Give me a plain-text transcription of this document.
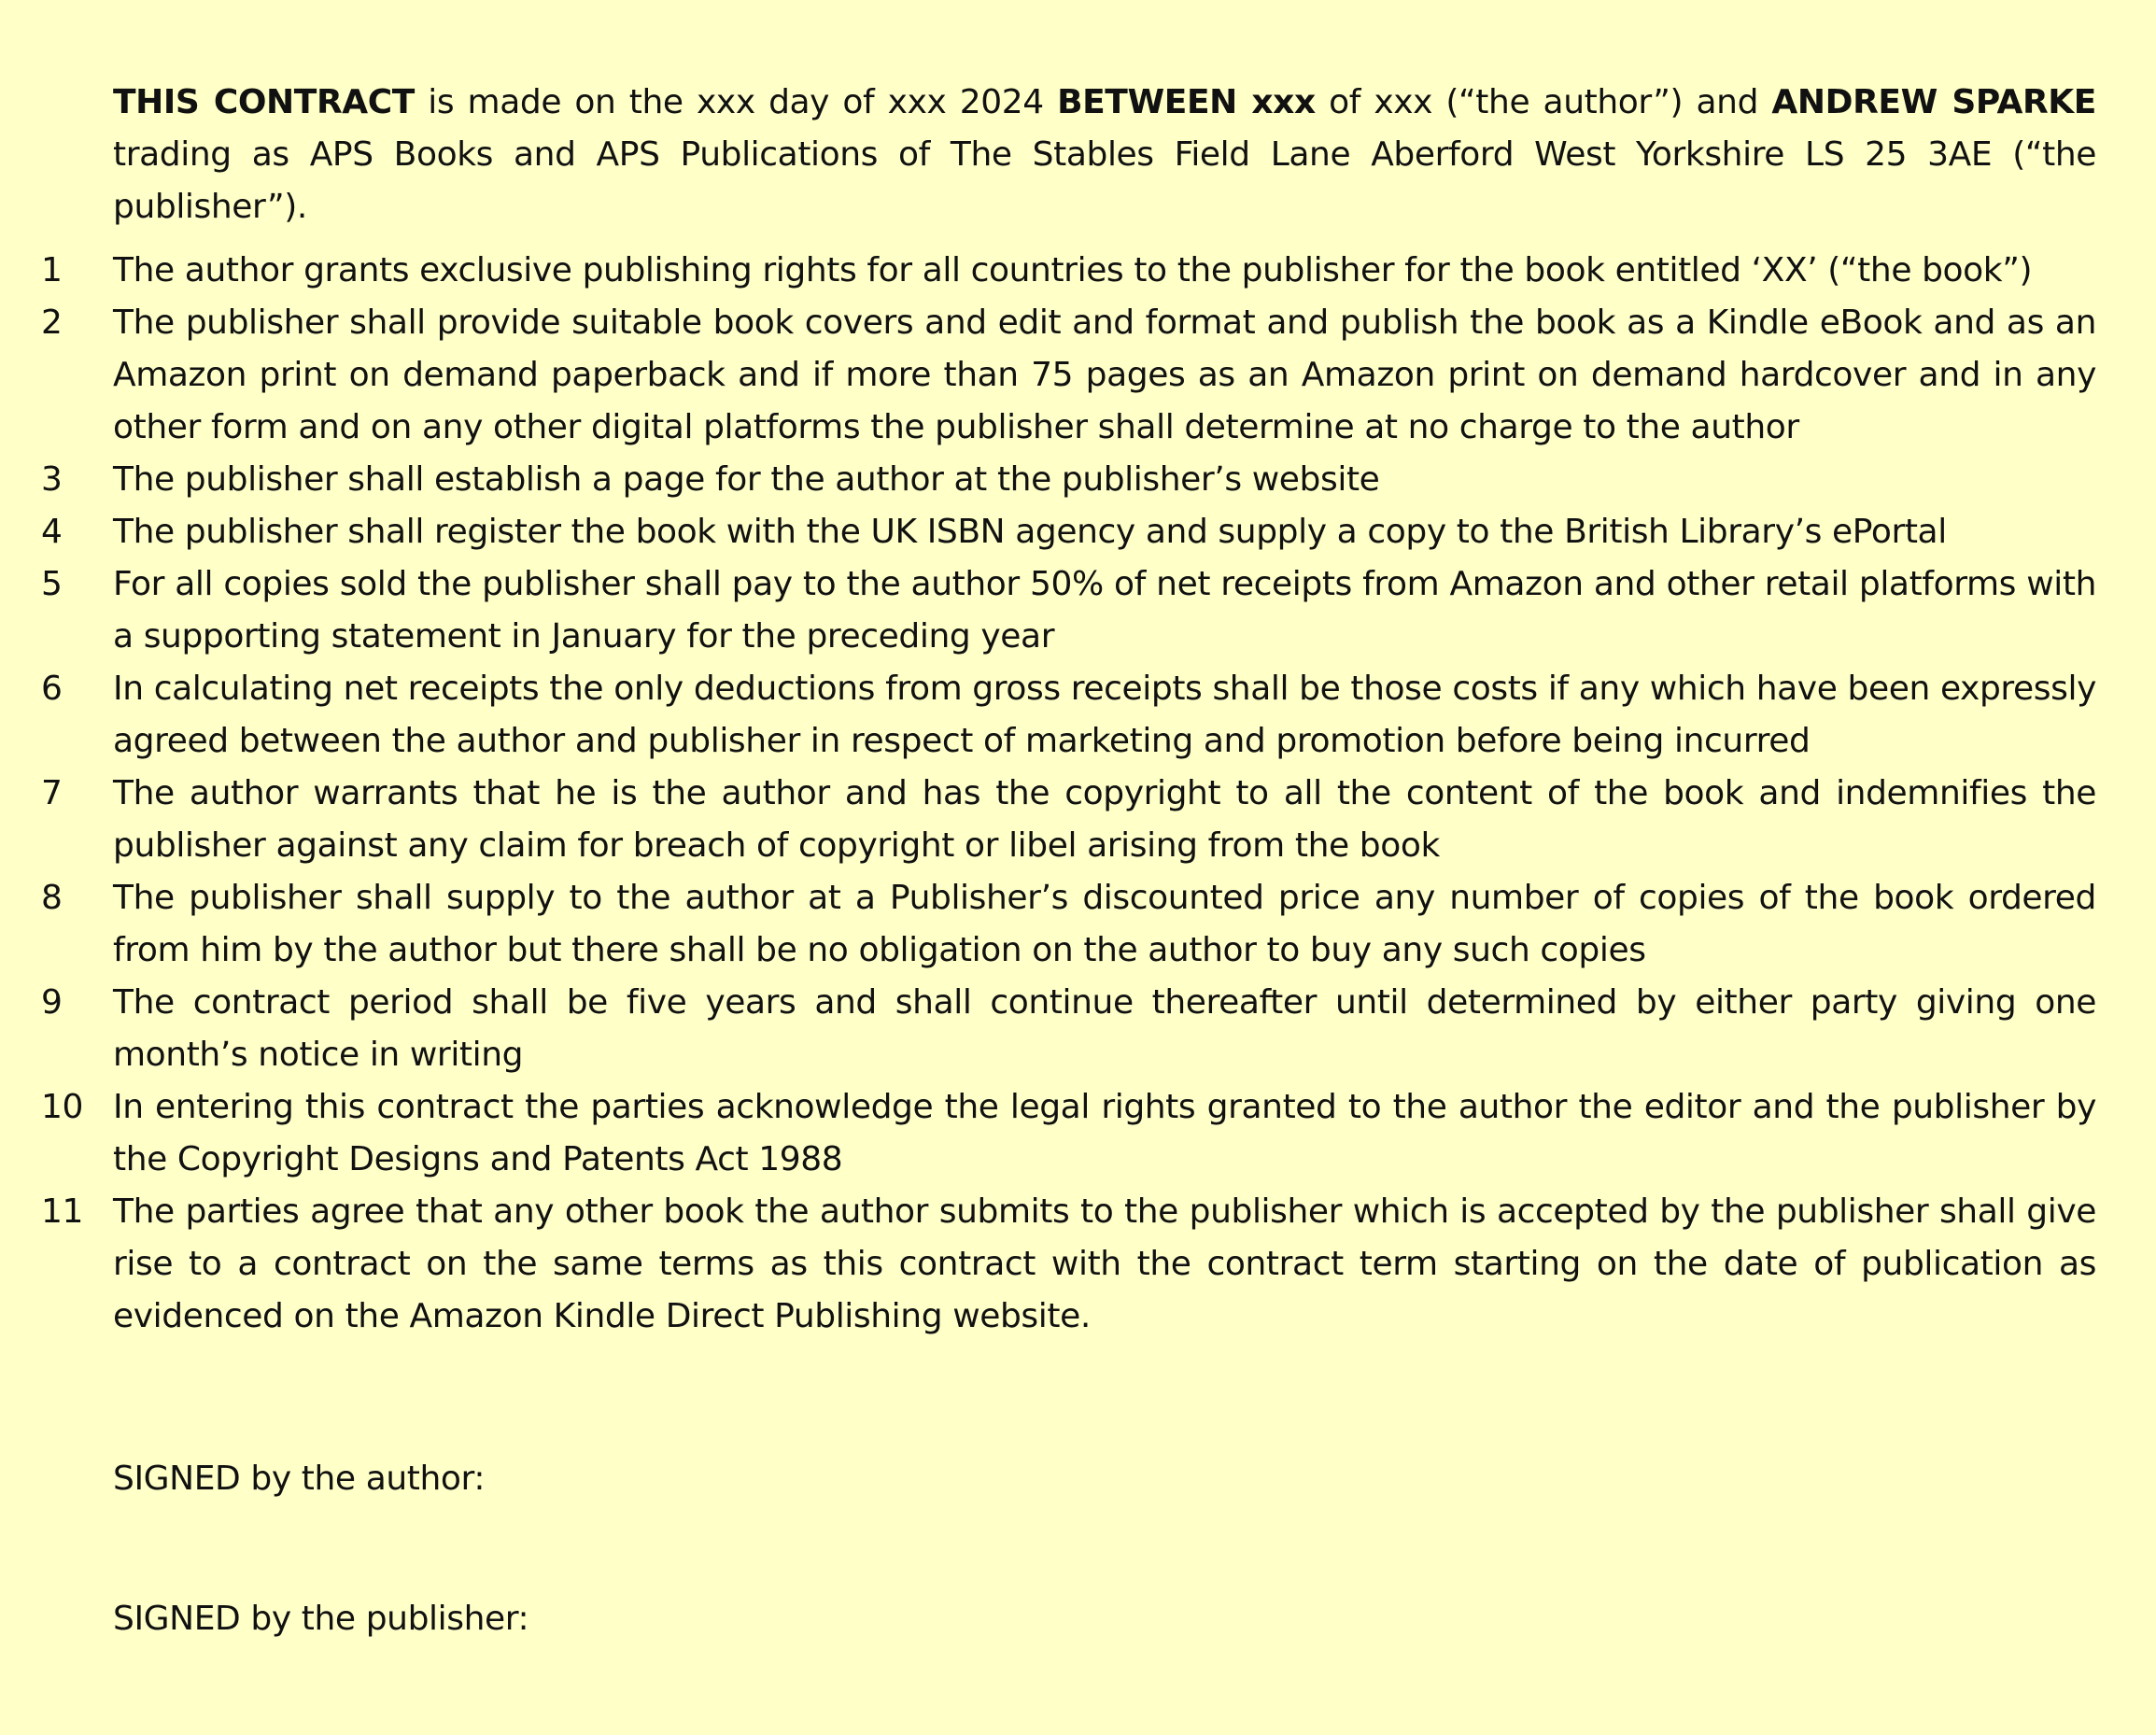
THIS CONTRACT is made on the xxx day of xxx 2024 BETWEEN xxx of xxx (“the author”) and ANDREW SPARKE trading as APS Books and APS Publications of The Stables Field Lane Aberford West Yorkshire LS 25 3AE (“the publisher”).

1	The author grants exclusive publishing rights for all countries to the publisher for the book entitled ‘XX’ (“the book”)
2	The publisher shall provide suitable book covers and edit and format and publish the book as a Kindle eBook and as an Amazon print on demand paperback and if more than 75 pages as an Amazon print on demand hardcover and in any other form and on any other digital platforms the publisher shall determine at no charge to the author
3	The publisher shall establish a page for the author at the publisher’s website
4	The publisher shall register the book with the UK ISBN agency and supply a copy to the British Library’s ePortal
5	For all copies sold the publisher shall pay to the author 50% of net receipts from Amazon and other retail platforms with a supporting statement in January for the preceding year
6	In calculating net receipts the only deductions from gross receipts shall be those costs if any which have been expressly agreed between the author and publisher in respect of marketing and promotion before being incurred
7	The author warrants that he is the author and has the copyright to all the content of the book and indemnifies the publisher against any claim for breach of copyright or libel arising from the book
8	The publisher shall supply to the author at a Publisher’s discounted price any number of copies of the book ordered from him by the author but there shall be no obligation on the author to buy any such copies
9	The contract period shall be five years and shall continue thereafter until determined by either party giving one month’s notice in writing
10 In entering this contract the parties acknowledge the legal rights granted to the author the editor and the publisher by the Copyright Designs and Patents Act 1988
11 The parties agree that any other book the author submits to the publisher which is accepted by the publisher shall give rise to a contract on the same terms as this contract with the contract term starting on the date of publication as evidenced on the Amazon Kindle Direct Publishing website.
SIGNED by the author:
SIGNED by the publisher:
